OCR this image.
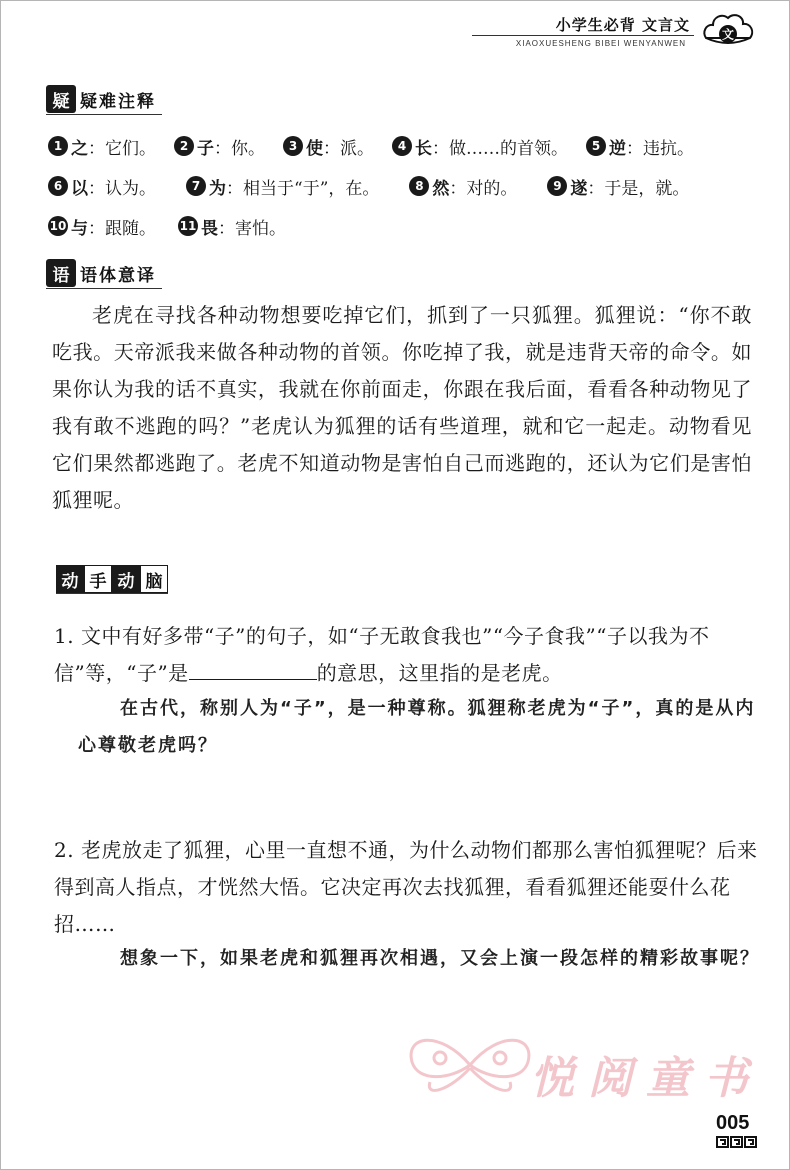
小学生必背 文言文
XIAOXUESHENG BIBEI WENYANWEN
文
疑 疑难注释
1 之 ：它们。	2 子 ：你。	3 使 ：派。	4 长 ：做……的首领。	5 逆 ：违抗。
6 以 ：认为。	7 为 ：相当于“于”，在。	8 然 ：对的。	9 遂 ：于是，就。
10 与 ：跟随。 11 畏 ：害怕。
语 语体意译
老虎在寻找各种动物想要吃掉它们，抓到了一只狐狸。狐狸说：“你不敢吃我。天帝派我来做各种动物的首领。你吃掉了我，就是违背天帝的命令。如果你认为我的话不真实，我就在你前面走，你跟在我后面，看看各种动物见了我有敢不逃跑的吗？”老虎认为狐狸的话有些道理，就和它一起走。动物看见它们果然都逃跑了。老虎不知道动物是害怕自己而逃跑的，还认为它们是害怕狐狸呢。
动 手 动 脑
1. 文中有好多带“子”的句子，如“子无敢食我也”“今子食我”“子以我为不信”等，“子”是	的意思，这里指的是老虎。
在古代，称别人为“子”，是一种尊称。狐狸称老虎为“子”，真的是从内心尊敬老虎吗？
2. 老虎放走了狐狸，心里一直想不通，为什么动物们都那么害怕狐狸呢？后来得到高人指点，才恍然大悟。它决定再次去找狐狸，看看狐狸还能耍什么花招……
想象一下，如果老虎和狐狸再次相遇，又会上演一段怎样的精彩故事呢？
悦阅童书
005
